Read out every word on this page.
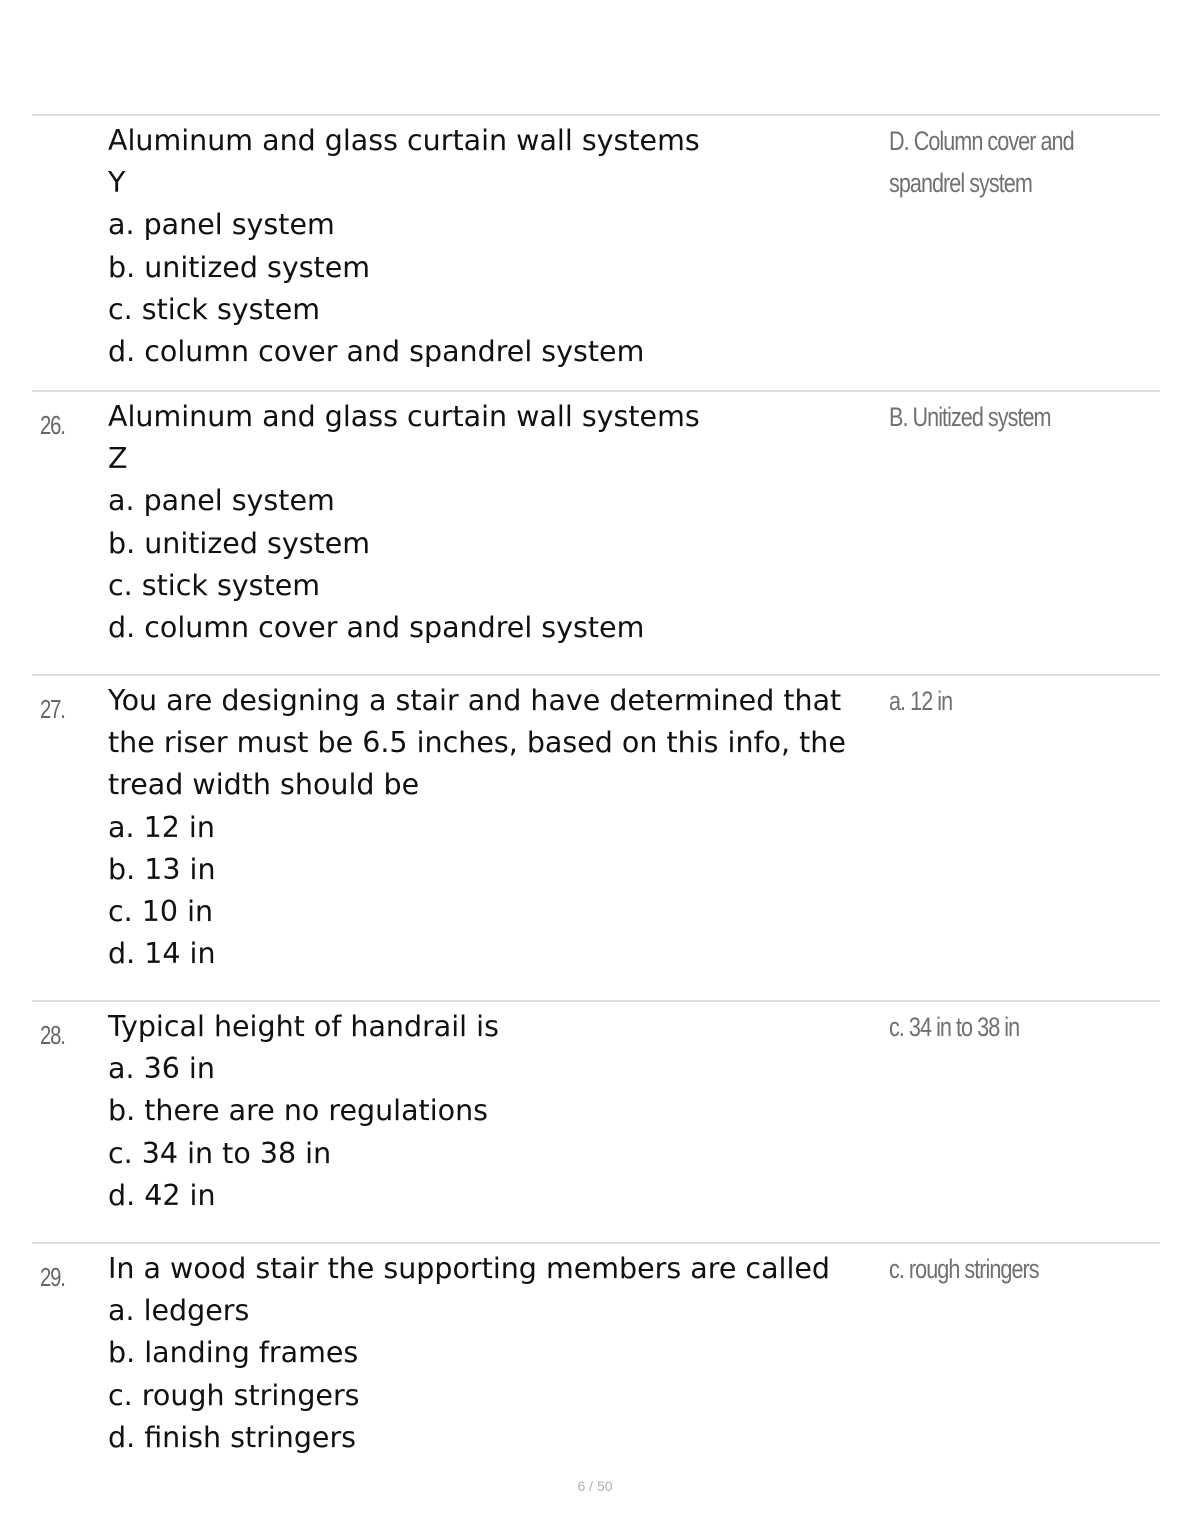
Aluminum and glass curtain wall systems
Y
a. panel system
b. unitized system
c. stick system
d. column cover and spandrel system
D. Column cover and
spandrel system
26. Aluminum and glass curtain wall systems
Z
a. panel system
b. unitized system
c. stick system
d. column cover and spandrel system
B. Unitized system
27. You are designing a stair and have determined that
the riser must be 6.5 inches, based on this info, the
tread width should be
a. 12 in
b. 13 in
c. 10 in
d. 14 in
a. 12 in
28. Typical height of handrail is
a. 36 in
b. there are no regulations
c. 34 in to 38 in
d. 42 in
c. 34 in to 38 in
29. In a wood stair the supporting members are called
a. ledgers
b. landing frames
c. rough stringers
d. finish stringers
c. rough stringers
6 / 50
